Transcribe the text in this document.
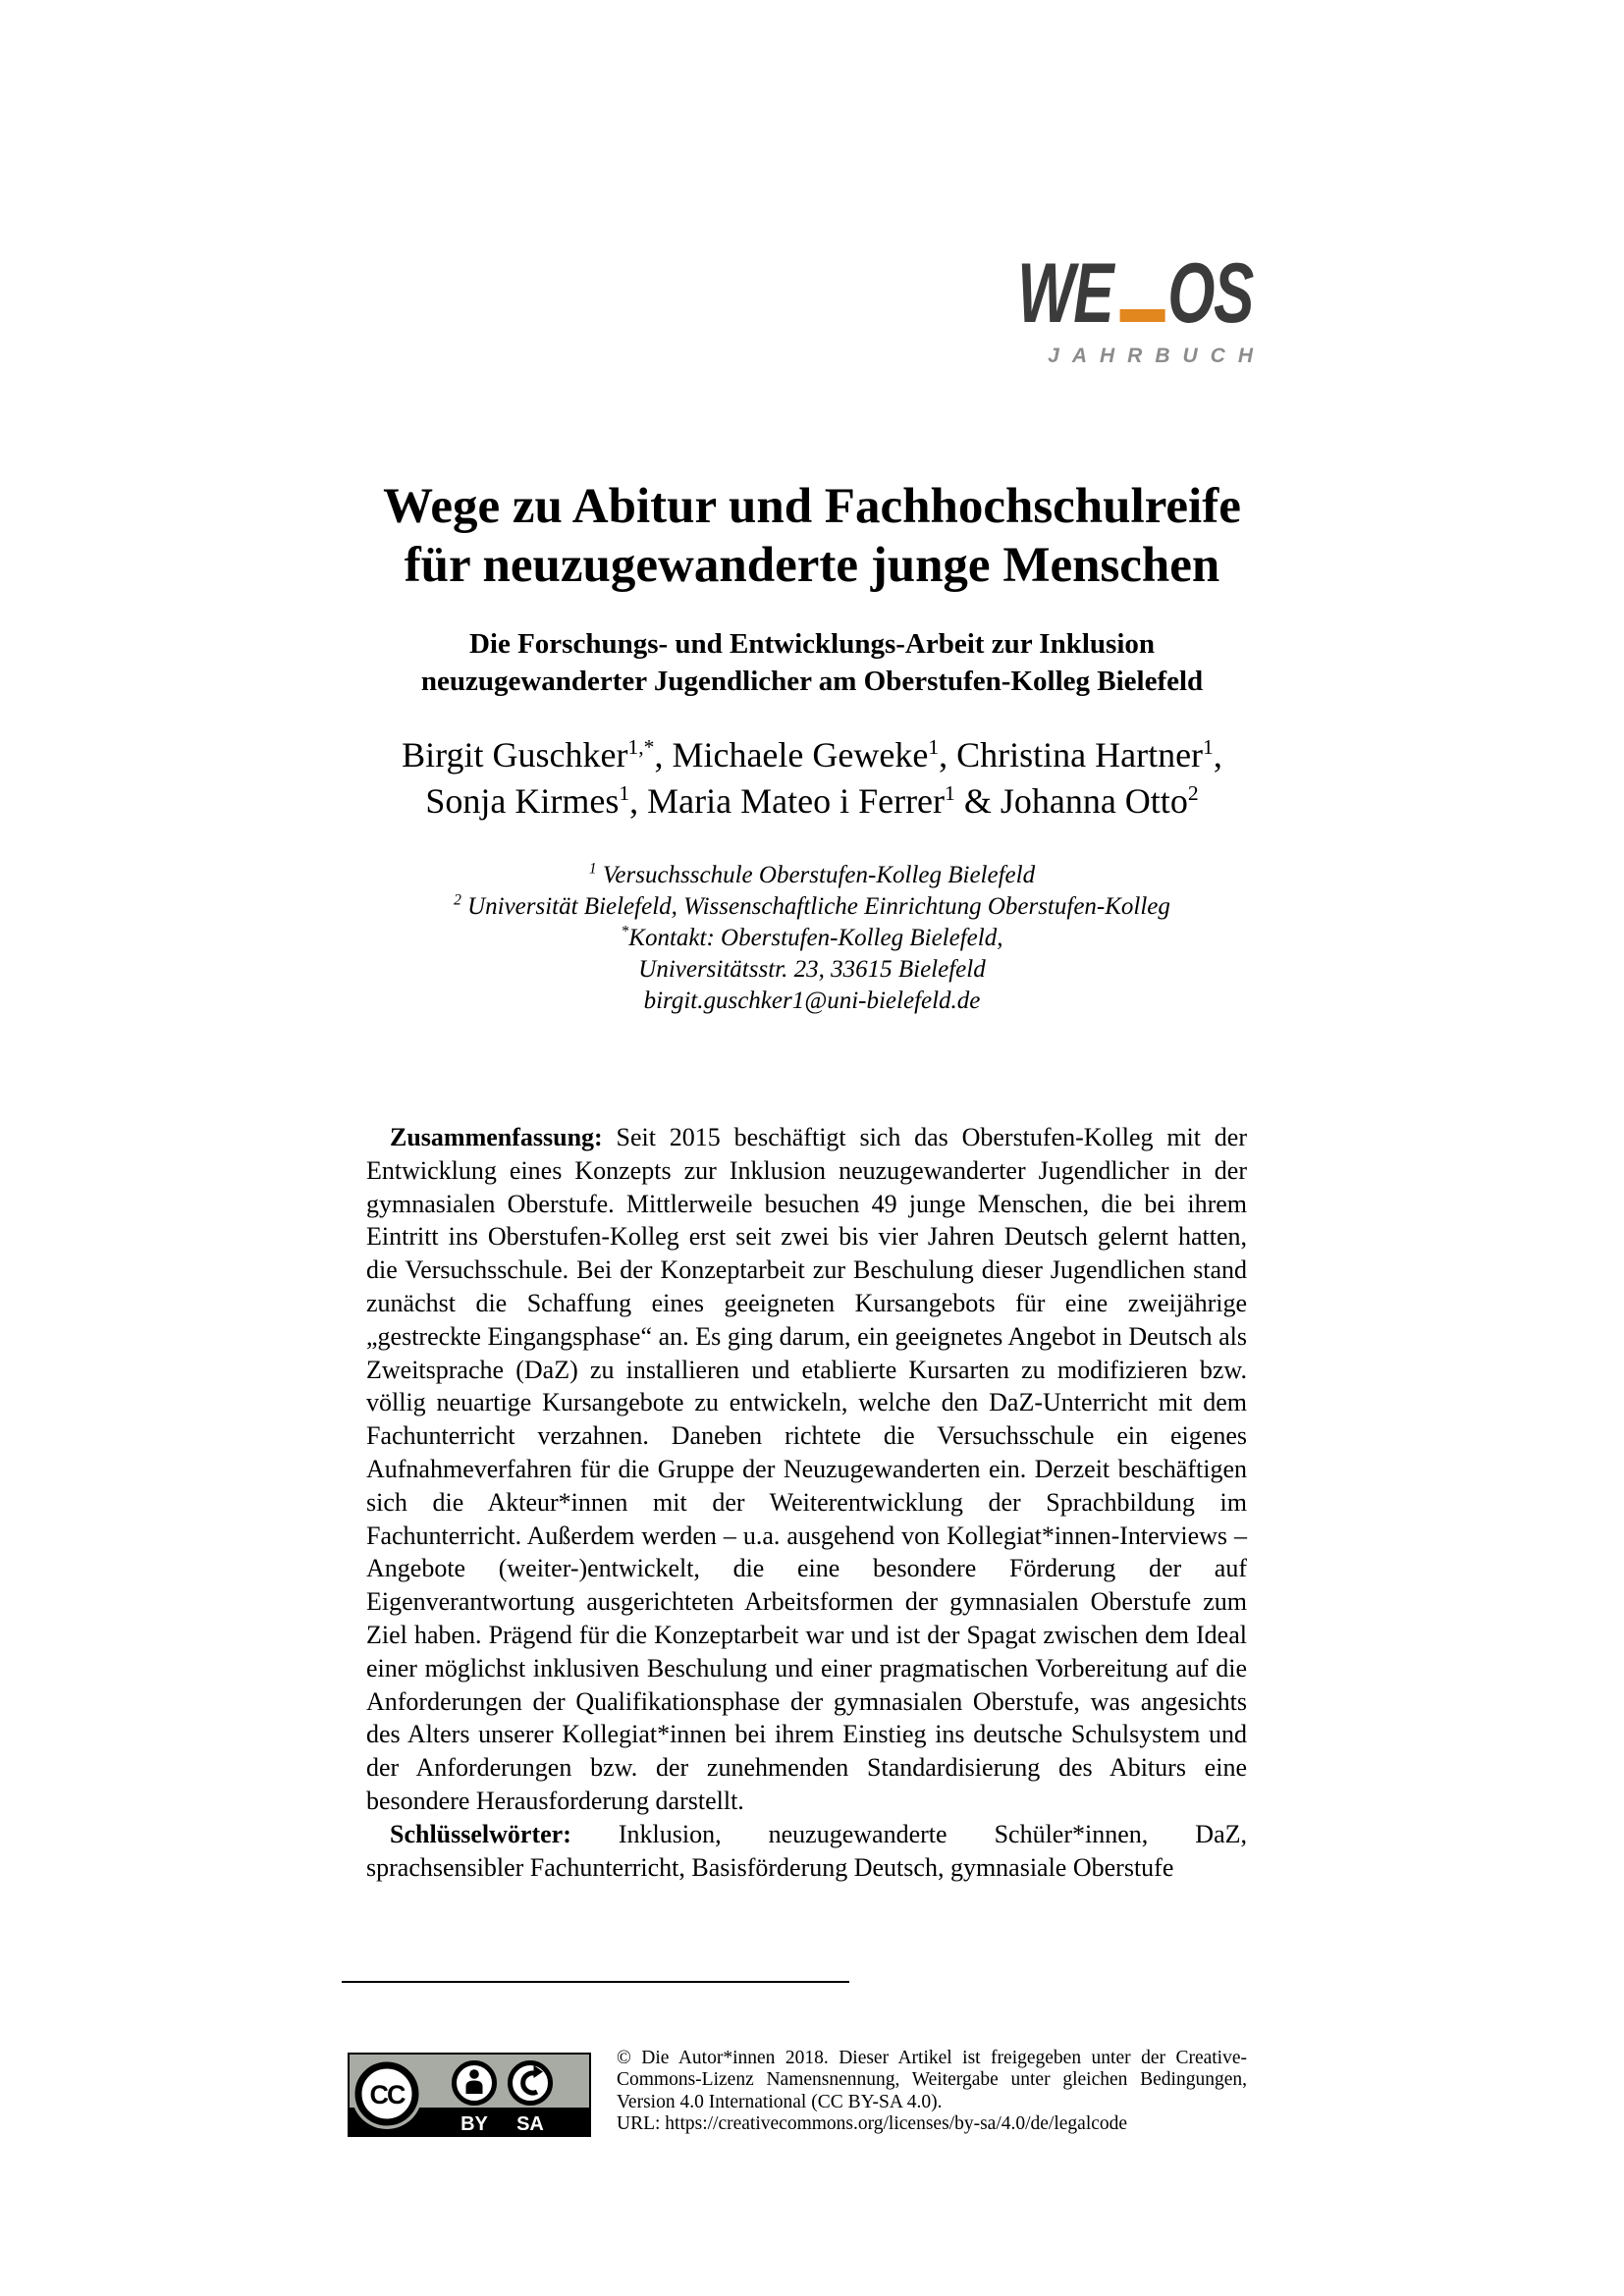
WE OS
JAHRBUCH
Wege zu Abitur und Fachhochschulreife
für neuzugewanderte junge Menschen
Die Forschungs- und Entwicklungs-Arbeit zur Inklusion
neuzugewanderter Jugendlicher am Oberstufen-Kolleg Bielefeld
Birgit Guschker$^{1,*}$, Michaele Geweke$^1$, Christina Hartner$^1$,
Sonja Kirmes$^1$, Maria Mateo i Ferrer$^1$ & Johanna Otto$^2$
$^1$ Versuchsschule Oberstufen-Kolleg Bielefeld
$^2$ Universität Bielefeld, Wissenschaftliche Einrichtung Oberstufen-Kolleg
*Kontakt: Oberstufen-Kolleg Bielefeld,
Universitätsstr. 23, 33615 Bielefeld
birgit.guschker1@uni-bielefeld.de

Zusammenfassung: Seit 2015 beschäftigt sich das Oberstufen-Kolleg mit der Entwicklung eines Konzepts zur Inklusion neuzugewanderter Jugendlicher in der gymnasialen Oberstufe. Mittlerweile besuchen 49 junge Menschen, die bei ihrem Eintritt ins Oberstufen-Kolleg erst seit zwei bis vier Jahren Deutsch gelernt hatten, die Versuchsschule. Bei der Konzeptarbeit zur Beschulung dieser Jugendlichen stand zunächst die Schaffung eines geeigneten Kursangebots für eine zweijährige „gestreckte Eingangsphase“ an. Es ging darum, ein geeignetes Angebot in Deutsch als Zweitsprache (DaZ) zu installieren und etablierte Kursarten zu modifizieren bzw. völlig neuartige Kursangebote zu entwickeln, welche den DaZ-Unterricht mit dem Fachunterricht verzahnen. Daneben richtete die Versuchsschule ein eigenes Aufnahmeverfahren für die Gruppe der Neuzugewanderten ein. Derzeit beschäftigen sich die Akteur*innen mit der Weiterentwicklung der Sprachbildung im Fachunterricht. Außerdem werden – u.a. ausgehend von Kollegiat*innen-Interviews – Angebote (weiter-)entwickelt, die eine besondere Förderung der auf Eigenverantwortung ausgerichteten Arbeitsformen der gymnasialen Oberstufe zum Ziel haben. Prägend für die Konzeptarbeit war und ist der Spagat zwischen dem Ideal einer möglichst inklusiven Beschulung und einer pragmatischen Vorbereitung auf die Anforderungen der Qualifikationsphase der gymnasialen Oberstufe, was angesichts des Alters unserer Kollegiat*innen bei ihrem Einstieg ins deutsche Schulsystem und der Anforderungen bzw. der zunehmenden Standardisierung des Abiturs eine besondere Herausforderung darstellt.

Schlüsselwörter: Inklusion, neuzugewanderte Schüler*innen, DaZ, sprachsensibler Fachunterricht, Basisförderung Deutsch, gymnasiale Oberstufe

CC
BY SA

© Die Autor*innen 2018. Dieser Artikel ist freigegeben unter der Creative-Commons-Lizenz Namensnennung, Weitergabe unter gleichen Bedingungen, Version 4.0 International (CC BY-SA 4.0).

URL: https://creativecommons.org/licenses/by-sa/4.0/de/legalcode
